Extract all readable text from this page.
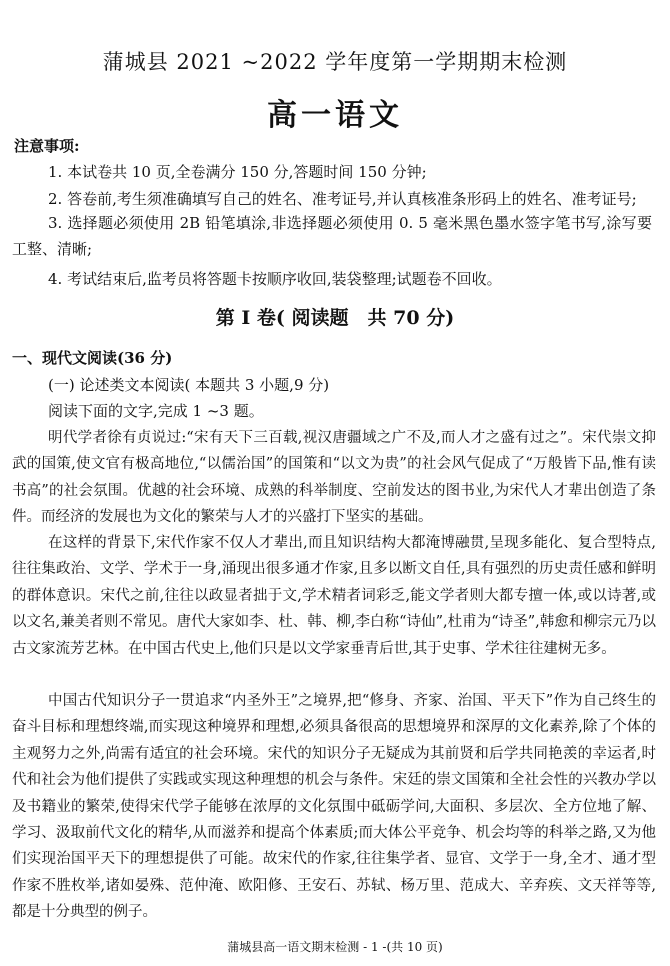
蒲城县 2021 ~2022 学年度第一学期期末检测
高一语文
注意事项:
1. 本试卷共 10 页,全卷满分 150 分,答题时间 150 分钟;
2. 答卷前,考生须准确填写自己的姓名、准考证号,并认真核准条形码上的姓名、准考证号;
3. 选择题必须使用 2B 铅笔填涂,非选择题必须使用 0. 5 毫米黑色墨水签字笔书写,涂写要工整、清晰;
4. 考试结束后,监考员将答题卡按顺序收回,装袋整理;试题卷不回收。
第 Ⅰ 卷( 阅读题　共 70 分)
一、现代文阅读(36 分)
(一) 论述类文本阅读( 本题共 3 小题,9 分)
阅读下面的文字,完成 1 ~3 题。
明代学者徐有贞说过:“宋有天下三百载,视汉唐疆域之广不及,而人才之盛有过之”。宋代崇文抑武的国策,使文官有极高地位,“以儒治国”的国策和“以文为贵”的社会风气促成了“万般皆下品,惟有读书高”的社会氛围。优越的社会环境、成熟的科举制度、空前发达的图书业,为宋代人才辈出创造了条件。而经济的发展也为文化的繁荣与人才的兴盛打下坚实的基础。
在这样的背景下,宋代作家不仅人才辈出,而且知识结构大都淹博融贯,呈现多能化、复合型特点,往往集政治、文学、学术于一身,涌现出很多通才作家,且多以断文自任,具有强烈的历史责任感和鲜明的群体意识。宋代之前,往往以政显者拙于文,学术精者词彩乏,能文学者则大都专擅一体,或以诗著,或以文名,兼美者则不常见。唐代大家如李、杜、韩、柳,李白称“诗仙”,杜甫为“诗圣”,韩愈和柳宗元乃以古文家流芳艺林。在中国古代史上,他们只是以文学家垂青后世,其于史事、学术往往建树无多。
中国古代知识分子一贯追求“内圣外王”之境界,把“修身、齐家、治国、平天下”作为自己终生的奋斗目标和理想终端,而实现这种境界和理想,必须具备很高的思想境界和深厚的文化素养,除了个体的主观努力之外,尚需有适宜的社会环境。宋代的知识分子无疑成为其前贤和后学共同艳羡的幸运者,时代和社会为他们提供了实践或实现这种理想的机会与条件。宋廷的崇文国策和全社会性的兴教办学以及书籍业的繁荣,使得宋代学子能够在浓厚的文化氛围中砥砺学问,大面积、多层次、全方位地了解、学习、汲取前代文化的精华,从而滋养和提高个体素质;而大体公平竞争、机会均等的科举之路,又为他们实现治国平天下的理想提供了可能。故宋代的作家,往往集学者、显官、文学于一身,全才、通才型作家不胜枚举,诸如晏殊、范仲淹、欧阳修、王安石、苏轼、杨万里、范成大、辛弃疾、文天祥等等,都是十分典型的例子。
蒲城县高一语文期末检测 - 1 -(共 10 页)
